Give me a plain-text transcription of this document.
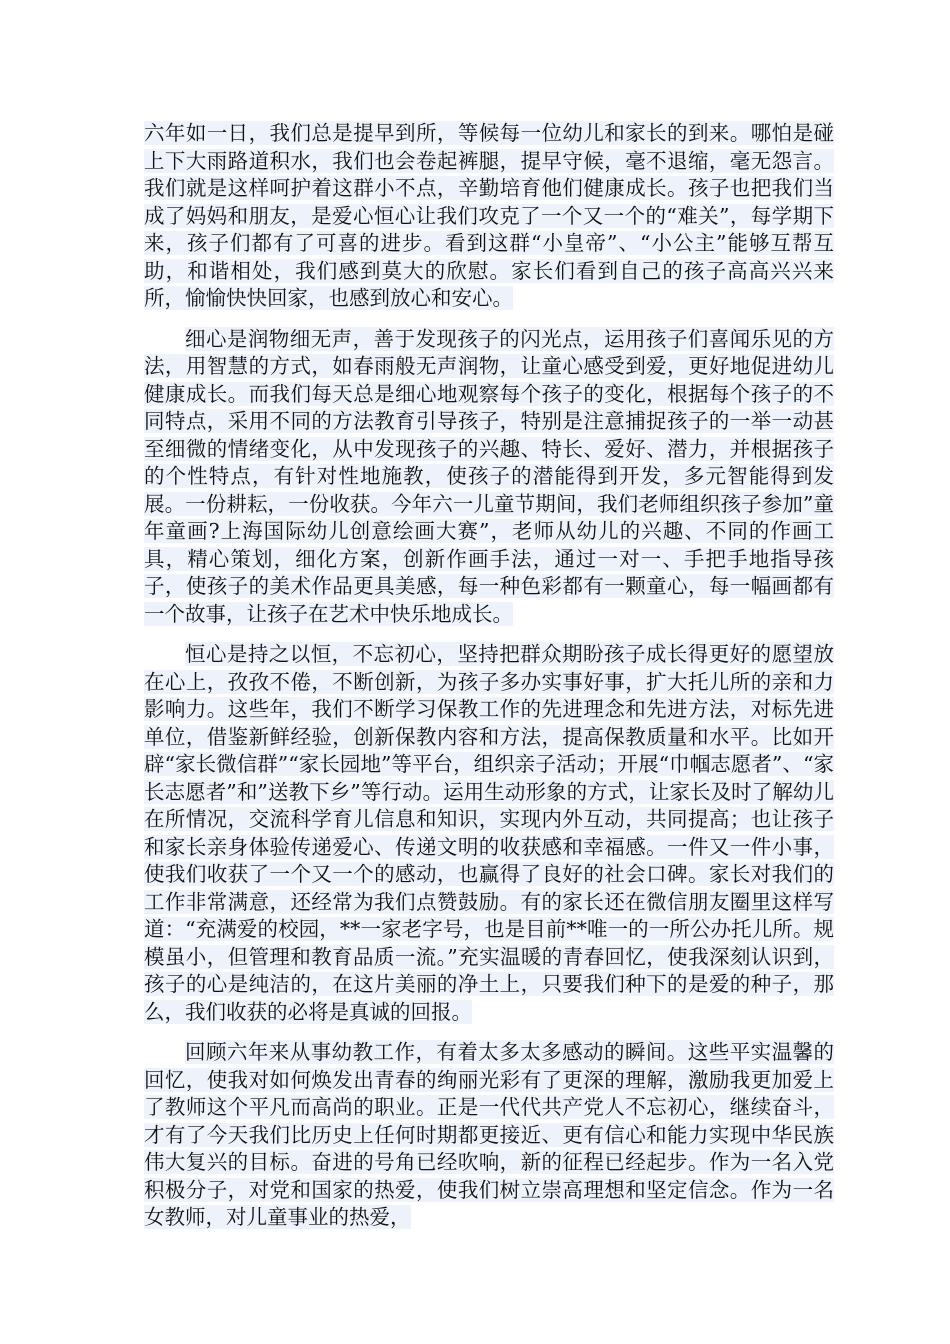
六年如一日，我们总是提早到所，等候每一位幼儿和家长的到来。哪怕是碰上下大雨路道积水，我们也会卷起裤腿，提早守候，毫不退缩，毫无怨言。我们就是这样呵护着这群小不点，辛勤培育他们健康成长。孩子也把我们当成了妈妈和朋友，是爱心恒心让我们攻克了一个又一个的“难关”，每学期下来，孩子们都有了可喜的进步。看到这群“小皇帝”、“小公主”能够互帮互助，和谐相处，我们感到莫大的欣慰。家长们看到自己的孩子高高兴兴来所，愉愉快快回家，也感到放心和安心。

细心是润物细无声，善于发现孩子的闪光点，运用孩子们喜闻乐见的方法，用智慧的方式，如春雨般无声润物，让童心感受到爱，更好地促进幼儿健康成长。而我们每天总是细心地观察每个孩子的变化，根据每个孩子的不同特点，采用不同的方法教育引导孩子，特别是注意捕捉孩子的一举一动甚至细微的情绪变化，从中发现孩子的兴趣、特长、爱好、潜力，并根据孩子的个性特点，有针对性地施教，使孩子的潜能得到开发，多元智能得到发展。一份耕耘，一份收获。今年六一儿童节期间，我们老师组织孩子参加”童年童画?上海国际幼儿创意绘画大赛”，老师从幼儿的兴趣、不同的作画工具，精心策划，细化方案，创新作画手法，通过一对一、手把手地指导孩子，使孩子的美术作品更具美感，每一种色彩都有一颗童心，每一幅画都有一个故事，让孩子在艺术中快乐地成长。

恒心是持之以恒，不忘初心，坚持把群众期盼孩子成长得更好的愿望放在心上，孜孜不倦，不断创新，为孩子多办实事好事，扩大托儿所的亲和力影响力。这些年，我们不断学习保教工作的先进理念和先进方法，对标先进单位，借鉴新鲜经验，创新保教内容和方法，提高保教质量和水平。比如开辟“家长微信群”“家长园地”等平台，组织亲子活动；开展“巾帼志愿者”、“家长志愿者”和”送教下乡”等行动。运用生动形象的方式，让家长及时了解幼儿在所情况，交流科学育儿信息和知识，实现内外互动，共同提高；也让孩子和家长亲身体验传递爱心、传递文明的收获感和幸福感。一件又一件小事，使我们收获了一个又一个的感动，也赢得了良好的社会口碑。家长对我们的工作非常满意，还经常为我们点赞鼓励。有的家长还在微信朋友圈里这样写道：“充满爱的校园，**一家老字号，也是目前**唯一的一所公办托儿所。规模虽小，但管理和教育品质一流。”充实温暖的青春回忆，使我深刻认识到，孩子的心是纯洁的，在这片美丽的净土上，只要我们种下的是爱的种子，那么，我们收获的必将是真诚的回报。

回顾六年来从事幼教工作，有着太多太多感动的瞬间。这些平实温馨的回忆，使我对如何焕发出青春的绚丽光彩有了更深的理解，激励我更加爱上了教师这个平凡而高尚的职业。正是一代代共产党人不忘初心，继续奋斗，才有了今天我们比历史上任何时期都更接近、更有信心和能力实现中华民族伟大复兴的目标。奋进的号角已经吹响，新的征程已经起步。作为一名入党积极分子，对党和国家的热爱，使我们树立崇高理想和坚定信念。作为一名女教师，对儿童事业的热爱，
